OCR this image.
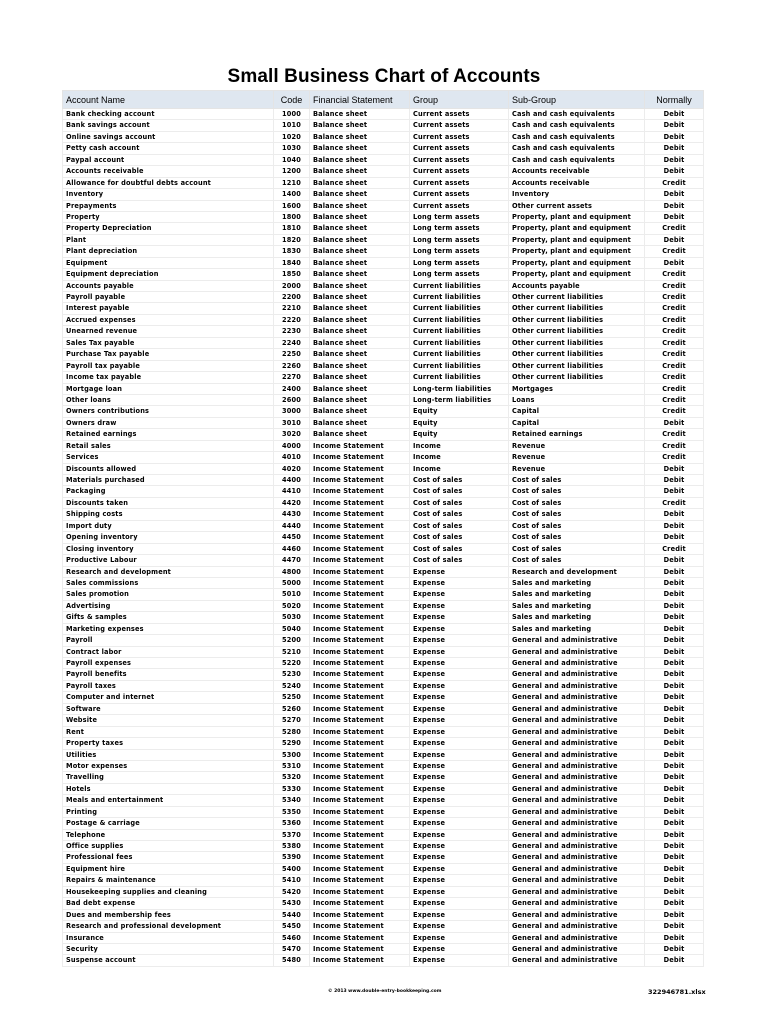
Small Business Chart of Accounts
Account Name	Code	Financial Statement	Group	Sub-Group	Normally
Bank checking account	1000	Balance sheet	Current assets	Cash and cash equivalents	Debit
Bank savings account	1010	Balance sheet	Current assets	Cash and cash equivalents	Debit
Online savings account	1020	Balance sheet	Current assets	Cash and cash equivalents	Debit
Petty cash account	1030	Balance sheet	Current assets	Cash and cash equivalents	Debit
Paypal account	1040	Balance sheet	Current assets	Cash and cash equivalents	Debit
Accounts receivable	1200	Balance sheet	Current assets	Accounts receivable	Debit
Allowance for doubtful debts account	1210	Balance sheet	Current assets	Accounts receivable	Credit
Inventory	1400	Balance sheet	Current assets	Inventory	Debit
Prepayments	1600	Balance sheet	Current assets	Other current assets	Debit
Property	1800	Balance sheet	Long term assets	Property, plant and equipment	Debit
Property Depreciation	1810	Balance sheet	Long term assets	Property, plant and equipment	Credit
Plant	1820	Balance sheet	Long term assets	Property, plant and equipment	Debit
Plant depreciation	1830	Balance sheet	Long term assets	Property, plant and equipment	Credit
Equipment	1840	Balance sheet	Long term assets	Property, plant and equipment	Debit
Equipment depreciation	1850	Balance sheet	Long term assets	Property, plant and equipment	Credit
Accounts payable	2000	Balance sheet	Current liabilities	Accounts payable	Credit
Payroll payable	2200	Balance sheet	Current liabilities	Other current liabilities	Credit
Interest payable	2210	Balance sheet	Current liabilities	Other current liabilities	Credit
Accrued expenses	2220	Balance sheet	Current liabilities	Other current liabilities	Credit
Unearned revenue	2230	Balance sheet	Current liabilities	Other current liabilities	Credit
Sales Tax payable	2240	Balance sheet	Current liabilities	Other current liabilities	Credit
Purchase Tax payable	2250	Balance sheet	Current liabilities	Other current liabilities	Credit
Payroll tax payable	2260	Balance sheet	Current liabilities	Other current liabilities	Credit
Income tax payable	2270	Balance sheet	Current liabilities	Other current liabilities	Credit
Mortgage loan	2400	Balance sheet	Long-term liabilities	Mortgages	Credit
Other loans	2600	Balance sheet	Long-term liabilities	Loans	Credit
Owners contributions	3000	Balance sheet	Equity	Capital	Credit
Owners draw	3010	Balance sheet	Equity	Capital	Debit
Retained earnings	3020	Balance sheet	Equity	Retained earnings	Credit
Retail sales	4000	Income Statement	Income	Revenue	Credit
Services	4010	Income Statement	Income	Revenue	Credit
Discounts allowed	4020	Income Statement	Income	Revenue	Debit
Materials purchased	4400	Income Statement	Cost of sales	Cost of sales	Debit
Packaging	4410	Income Statement	Cost of sales	Cost of sales	Debit
Discounts taken	4420	Income Statement	Cost of sales	Cost of sales	Credit
Shipping costs	4430	Income Statement	Cost of sales	Cost of sales	Debit
Import duty	4440	Income Statement	Cost of sales	Cost of sales	Debit
Opening inventory	4450	Income Statement	Cost of sales	Cost of sales	Debit
Closing inventory	4460	Income Statement	Cost of sales	Cost of sales	Credit
Productive Labour	4470	Income Statement	Cost of sales	Cost of sales	Debit
Research and development	4800	Income Statement	Expense	Research and development	Debit
Sales commissions	5000	Income Statement	Expense	Sales and marketing	Debit
Sales promotion	5010	Income Statement	Expense	Sales and marketing	Debit
Advertising	5020	Income Statement	Expense	Sales and marketing	Debit
Gifts & samples	5030	Income Statement	Expense	Sales and marketing	Debit
Marketing expenses	5040	Income Statement	Expense	Sales and marketing	Debit
Payroll	5200	Income Statement	Expense	General and administrative	Debit
Contract labor	5210	Income Statement	Expense	General and administrative	Debit
Payroll expenses	5220	Income Statement	Expense	General and administrative	Debit
Payroll benefits	5230	Income Statement	Expense	General and administrative	Debit
Payroll taxes	5240	Income Statement	Expense	General and administrative	Debit
Computer and internet	5250	Income Statement	Expense	General and administrative	Debit
Software	5260	Income Statement	Expense	General and administrative	Debit
Website	5270	Income Statement	Expense	General and administrative	Debit
Rent	5280	Income Statement	Expense	General and administrative	Debit
Property taxes	5290	Income Statement	Expense	General and administrative	Debit
Utilities	5300	Income Statement	Expense	General and administrative	Debit
Motor expenses	5310	Income Statement	Expense	General and administrative	Debit
Travelling	5320	Income Statement	Expense	General and administrative	Debit
Hotels	5330	Income Statement	Expense	General and administrative	Debit
Meals and entertainment	5340	Income Statement	Expense	General and administrative	Debit
Printing	5350	Income Statement	Expense	General and administrative	Debit
Postage & carriage	5360	Income Statement	Expense	General and administrative	Debit
Telephone	5370	Income Statement	Expense	General and administrative	Debit
Office supplies	5380	Income Statement	Expense	General and administrative	Debit
Professional fees	5390	Income Statement	Expense	General and administrative	Debit
Equipment hire	5400	Income Statement	Expense	General and administrative	Debit
Repairs & maintenance	5410	Income Statement	Expense	General and administrative	Debit
Housekeeping supplies and cleaning	5420	Income Statement	Expense	General and administrative	Debit
Bad debt expense	5430	Income Statement	Expense	General and administrative	Debit
Dues and membership fees	5440	Income Statement	Expense	General and administrative	Debit
Research and professional development	5450	Income Statement	Expense	General and administrative	Debit
Insurance	5460	Income Statement	Expense	General and administrative	Debit
Security	5470	Income Statement	Expense	General and administrative	Debit
Suspense account	5480	Income Statement	Expense	General and administrative	Debit
© 2013 www.double-entry-bookkeeping.com	322946781.xlsx
